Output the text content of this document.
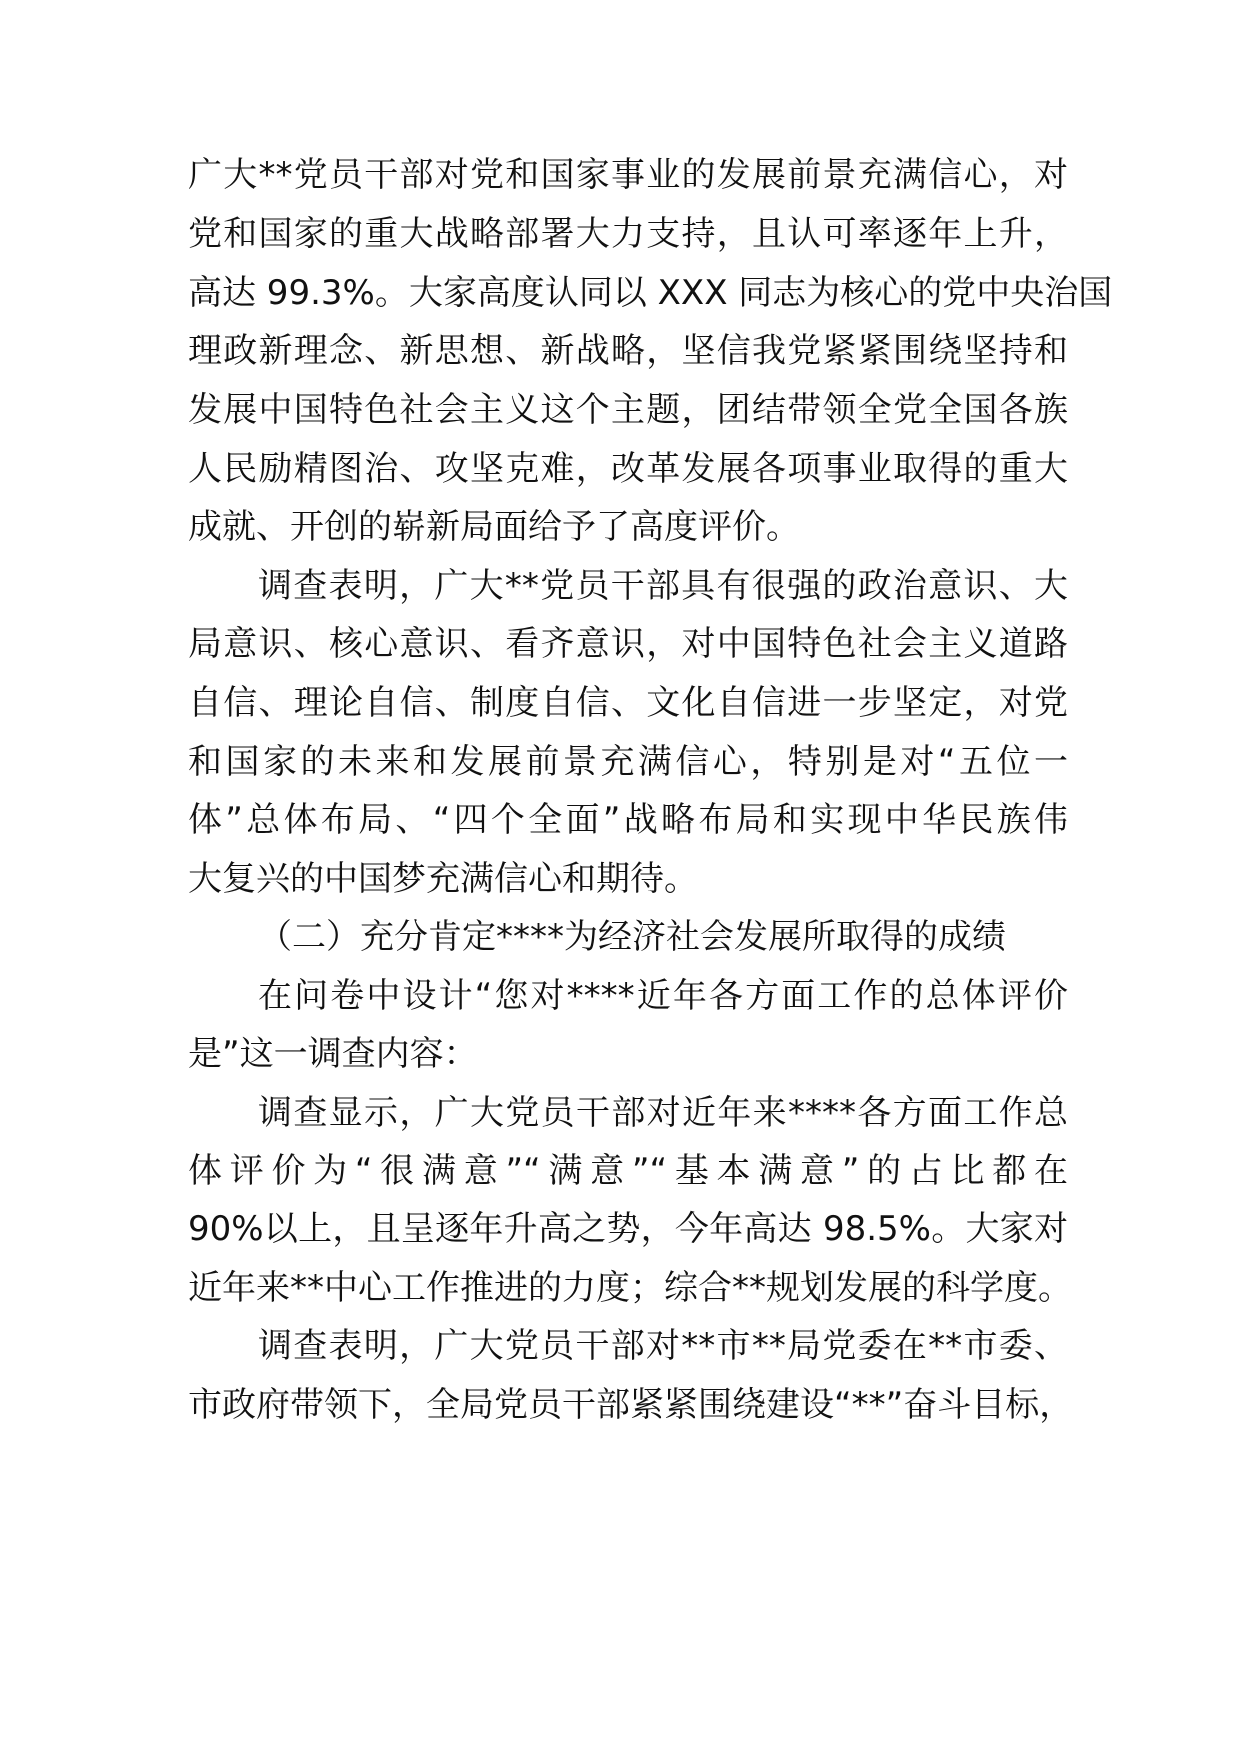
广大**党员干部对党和国家事业的发展前景充满信心，对
党和国家的重大战略部署大力支持，且认可率逐年上升，
高达 99.3%。大家高度认同以 XXX 同志为核心的党中央治国
理政新理念、新思想、新战略，坚信我党紧紧围绕坚持和
发展中国特色社会主义这个主题，团结带领全党全国各族
人民励精图治、攻坚克难，改革发展各项事业取得的重大
成就、开创的崭新局面给予了高度评价。
调查表明，广大**党员干部具有很强的政治意识、大
局意识、核心意识、看齐意识，对中国特色社会主义道路
自信、理论自信、制度自信、文化自信进一步坚定，对党
和国家的未来和发展前景充满信心，特别是对“五位一
体”总体布局、“四个全面”战略布局和实现中华民族伟
大复兴的中国梦充满信心和期待。
（二）充分肯定****为经济社会发展所取得的成绩
在问卷中设计“您对****近年各方面工作的总体评价
是”这一调查内容：
调查显示，广大党员干部对近年来****各方面工作总
体评价为“很满意”“满意”“基本满意”的占比都在
90%以上，且呈逐年升高之势，今年高达 98.5%。大家对
近年来**中心工作推进的力度；综合**规划发展的科学度。
调查表明，广大党员干部对**市**局党委在**市委、
市政府带领下，全局党员干部紧紧围绕建设“**”奋斗目标，
